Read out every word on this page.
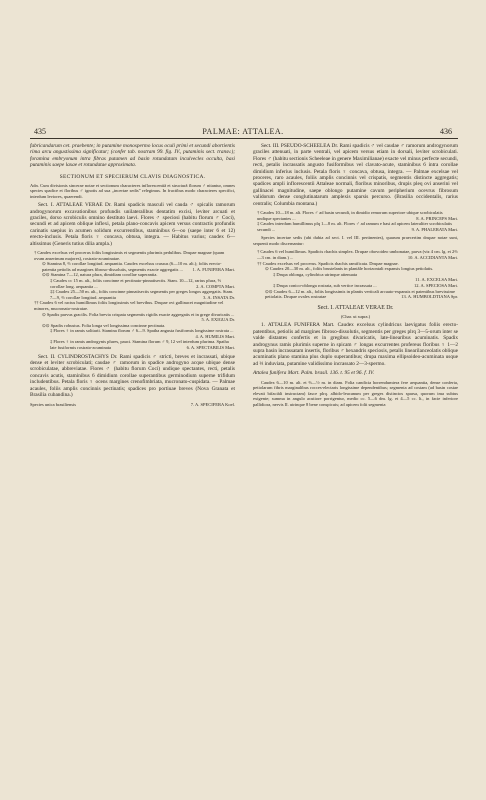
435	PALMAE: ATTALEA.	436

fabricandarum cet. praebente; in putamine monospermo locus oculi primi et secundi abortientis rima arcu angustissima significatur; (confer tab. nostram 99. fig. IV., putaminis sect. transv.); foramina embryonum intra fibras putamen ad basin rotundatam inculvecles occulta, basi putaminis saepe laxae et rotundatae approximata.

SECTIONUM ET SPECIERUM CLAVIS DIAGNOSTICA.

Adn. Cum divisionis sincerae notae et sectionum characteres inflorescentiâ et structurâ florum ♂ nitantur, omnes species spadice et floribus ♂ ignotis ad sua „incertae sedis” relegimus. In fructibus modo characteres specifici, interdum leviores, quaerendi.

Sect. I. ATTALEAE VERAE Dr. Rami spadicis masculi vel cauda ♂ spicalis ramorum androgynorum excavationibus profundis unilateralibus dentatim excisi, leviter arcuati et graciles, dorso scrobiculis omnino destituto laevi. Flores ♂ speciosi (habitu florum ♂ Coci), secundi et ad apicem oblique inflexi, petala plano-concavis apicem versus contractis profundis carinatis saepius in acumen solidum excurrentibus, staminibus 6—oo (saepe inter 6 et 12) erecto-inclusis. Petala floris ♀ concava, obtusa, integra. — Habitus varius; caudex 6—altissimus (Generis tutius dilia ampla.)

† Candex excelsus vel procerus foliis longissimis et segmentis plurimis pedulibus. Drupae magnae (quam ovum anserinum majores), rostrato-acuminatae.
⊙ Stamina 8, ⅔ corollae longitud. aequantia. Caudex excelsus crassus (6—10 m. alt.); foliis erecto-patentia petiolis ad margines fibroso-dissolutis, segmentis exacte aggregatis ...	1. A. FUNIFERA Mart.
⊙⊙ Stamina 7—12, natura plura, dimidiam corollae superantia.
‡ Caudex cc 15 m. alt., foliis concinne et pectinato-pinnatisectis. Stam. 10—12, rarius plura, ⅔ corollae long. aequantia ...	2. A. COMPTA Mart.
‡‡ Caudex 25—50 m. alt., foliis concinne pinnatisectis segmentis per greges longos aggregatis. Stam. 7—9, ⅔ corollae longitud. aequantia	3. A. INSATA Dr.
†† Caudex 6 vel ractus humillimus foliis longissimis vel brevibus. Drupae ovi gallinacei magnitudine vel minores, mucronato-rostratae.
⊙ Spadix parvus gracilis. Folia brevia crispata segmentis rigidis exacte aggregatis et in grege divaricatis ...
5. A. EXIGUA Dr.
⊙⊙ Spadix robustus. Folia longa vel longissima concinne pectinata.
‡ Flores ♀ in ramis solitarii. Stamina florum ♂ 6—9. Spatha angusta fusiformis longissime rostrata ...
4. A. HUMILIS Mart.
‡ Flores ♀ in ramis androgynis plures, pauci. Stamina florum ♂ 9, 12 vel interdum plurima. Spatha late fusiformis rostrato-acuminata	6. A. SPECTABILIS Mart.

Sect. II. CYLINDROSTACHYS Dr. Rami spadicis ♂ stricti, breves et incrassati, ubique dense et leviter scrobiculati; caudae ♂ ramorum in spadice androgyno acque ubique dense scrobiculatae, abbreviatae. Flores ♂ (habitu florum Coci) undique spectantes, recti, petalis concavis acutis, staminibus 6 dimidium corollae superantibus germinodium superne trifidum includentibus. Petala floris ♀ ocens margines crenofimbriata, mucronato-cuspidata. — Palmae acaules, foliis amplis concinnis pectinatis; spadices pro portiuae breves (Nova Granata et Brasilia cubandina.)

Species unica brasiliensis	7. A. SPECIFERA Koel.

Sect. III. PSEUDO-SCHEELEA Dr. Rami spadicis ♂ vel caudae ♂ ramorum androgynorum graciles attenuati, in parte ventrali, vel apicem versus etiam in dorsali, leviter scrobiculati. Flores ♂ (habitu sectionis Scheeleae in genere Maximilianae) exacte vel minus perfecte secundi, recti, petalis incrassatis angusto fusiformibus vel clavato-acute, staminibus 6 intra corollae dimidium inferius inclusis. Petala floris ♀ concava, obtusa, integra. — Palmae excelsae vel proceres, raro acaules, foliis amplis concinnis vel crispatis, segmentis distincte aggregatis; spadices ampli inflorescentii Attaleae normali, floribus minoribus, drupis pleq ovi anserini vel gallinacei magnitudine, saepe oblongo putamine cavum peripherium ocevrus fibrosum validorum dense conglutinatarum amplexis sparsis percurso. (Brasilia occidentalis, rarius centralis; Columbia montana.)

† Caudex 10—18 m. alt. Flores ♂ ad basin secundi, in dimidio remorum superiore ubique scrobiculatis undique spectantes ...	8. A. PRINCEPS Mart.
‡ Caudex interdum humillimus plq 1—8 m. alt. Flores ♂ ad ramum e basi ad apicem lateraliter scrobiculatis secundi ...	9. A. PHALERATA Mart.

Species incertae sedis (ubi dubia ad sect. I. vel III. pertinentes), quarum praecertim drupae notae sunt, sequenti modo discernantur:

† Caudex 6 vel humillimus. Spadicis rhachis simplex. Drupae obovoideo umbonatae, parva (viz 4 cm. lg. et 2⅔—3 cm. in diam.) ...	10. A. ACCIDIANTA Mart.
†† Caudex excelsus vel procerus. Spadicis rhachis ramificata. Drupae magnae.
⊙ Caudex 20—30 m. alt., foliis brustelanis in plantâle horizontali expansis longius petiolatis.
‡ Drupa oblonga, cylindrica utrinque attenuata
11. A. EXCELSA Mart.
‡ Drupa conico-oblonga rostrata, sub vertice incrassata ...	12. A. SPECIOSA Mart.
⊙⊙ Caudex 6—12 m. alt., foliis longissimis in plantis verticali arcuato-expansis et patentibus brevissime petiolatis. Drupae ovales rostratae	13. A. HUMBOLDTIANA Spr.
Sect. I. ATTALEAE VERAE Dr.

(Char. ut supra.)

1. ATTALEA FUNIFERA Mart. Caudex excelsus cylindricus laevigatus foliis erecto-patentibus, petiolis ad margines fibroso-dissolutis, segmentis per greges plrq 3—5-orum inter se valde distantes confertis et in gregibus divaricatis, late-linearibus acuminatis. Spadix androgynus ramis plurimis superne in spicam ♂ longas excurrentes profereus floribus ♀ 1—2 supra basin incrassatam insertis, floribus ♂ hexandris speciosis, petalis linearilanceolatis oblique acuminatis plano stamina plus duplo superantibus; drupa maxima ellipsoideo-acuminata usque ad ⅓ induviata, putamine validissimo incrassato 2—3-spermo.

Attalea funifera Mart. Palm. brasil. 136. t. 95 et 96. f. IV.

Caudex 6—10 m. alt. et ⅔—½ m. in diam. Folia candicia horrendumtera fere aequantia, dense conferta, petiolarum fibris marginalibus rocces-electaris longissime dependentibus; segmenta ad costam (ad basin costae elevati bifaciàli instructam) fasce plrq. albido-leucanum per greges distinctos sparsa, quorum ima subtus exigente; summa in angulo acutiore porrigentur, medio cc. 5—6 dm. lg. et 4—5 cc. lt., in facie inferiore pallidiora, nervis II. utrinque 8 bene conspicuis; ad apicem folii segmenta
